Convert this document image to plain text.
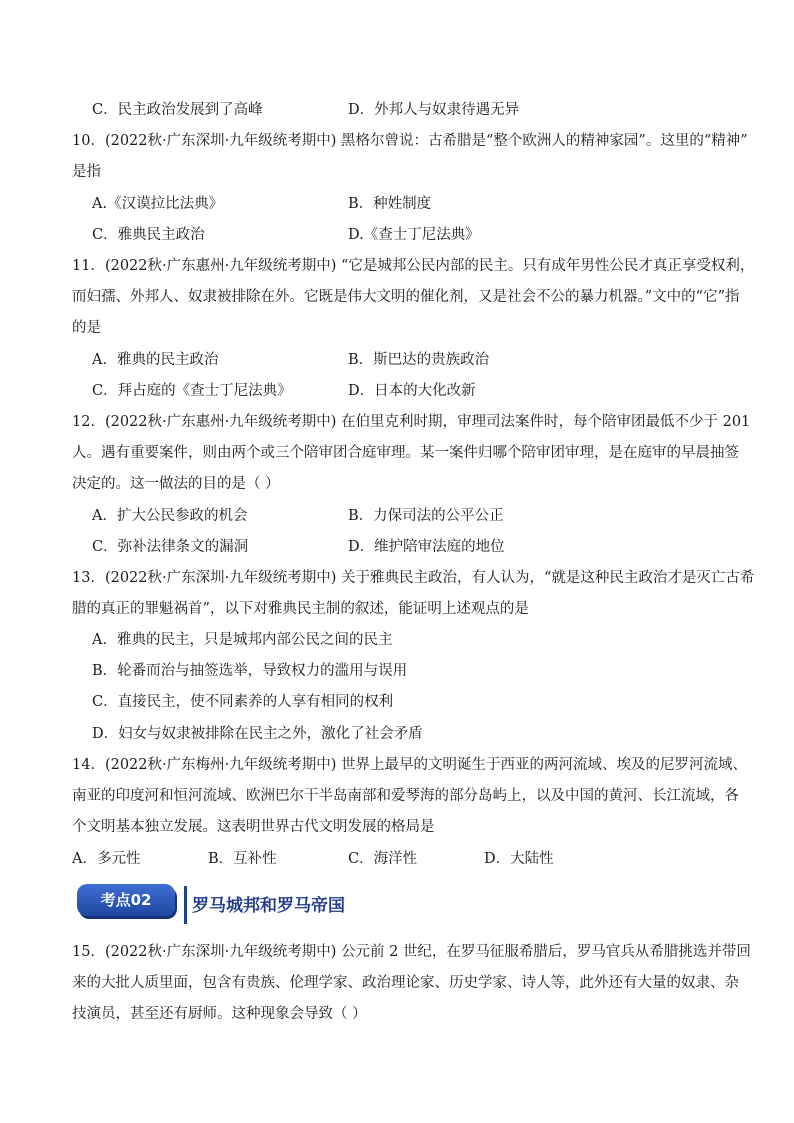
C．民主政治发展到了高峰	D．外邦人与奴隶待遇无异
10．(2022秋·广东深圳·九年级统考期中) 黑格尔曾说：古希腊是“整个欧洲人的精神家园”。这里的“精神”
是指
A.《汉谟拉比法典》	B．种姓制度
C．雅典民主政治	D.《查士丁尼法典》
11．(2022秋·广东惠州·九年级统考期中) “它是城邦公民内部的民主。只有成年男性公民才真正享受权利，
而妇孺、外邦人、奴隶被排除在外。它既是伟大文明的催化剂，又是社会不公的暴力机器。”文中的“它”指
的是
A．雅典的民主政治	B．斯巴达的贵族政治
C．拜占庭的《查士丁尼法典》	D．日本的大化改新
12．(2022秋·广东惠州·九年级统考期中) 在伯里克利时期，审理司法案件时，每个陪审团最低不少于 201
人。遇有重要案件，则由两个或三个陪审团合庭审理。某一案件归哪个陪审团审理，是在庭审的早晨抽签
决定的。这一做法的目的是（ ）
A．扩大公民参政的机会	B．力保司法的公平公正
C．弥补法律条文的漏洞	D．维护陪审法庭的地位
13．(2022秋·广东深圳·九年级统考期中) 关于雅典民主政治，有人认为，“就是这种民主政治才是灭亡古希
腊的真正的罪魁祸首”，以下对雅典民主制的叙述，能证明上述观点的是
A．雅典的民主，只是城邦内部公民之间的民主
B．轮番而治与抽签选举，导致权力的滥用与误用
C．直接民主，使不同素养的人享有相同的权利
D．妇女与奴隶被排除在民主之外，激化了社会矛盾
14．(2022秋·广东梅州·九年级统考期中) 世界上最早的文明诞生于西亚的两河流域、埃及的尼罗河流域、
南亚的印度河和恒河流域、欧洲巴尔干半岛南部和爱琴海的部分岛屿上，以及中国的黄河、长江流域，各
个文明基本独立发展。这表明世界古代文明发展的格局是
A．多元性	B．互补性	C．海洋性	D．大陆性
考点02	罗马城邦和罗马帝国
15．(2022秋·广东深圳·九年级统考期中) 公元前 2 世纪，在罗马征服希腊后，罗马官兵从希腊挑选并带回
来的大批人质里面，包含有贵族、伦理学家、政治理论家、历史学家、诗人等，此外还有大量的奴隶、杂
技演员，甚至还有厨师。这种现象会导致（ ）
